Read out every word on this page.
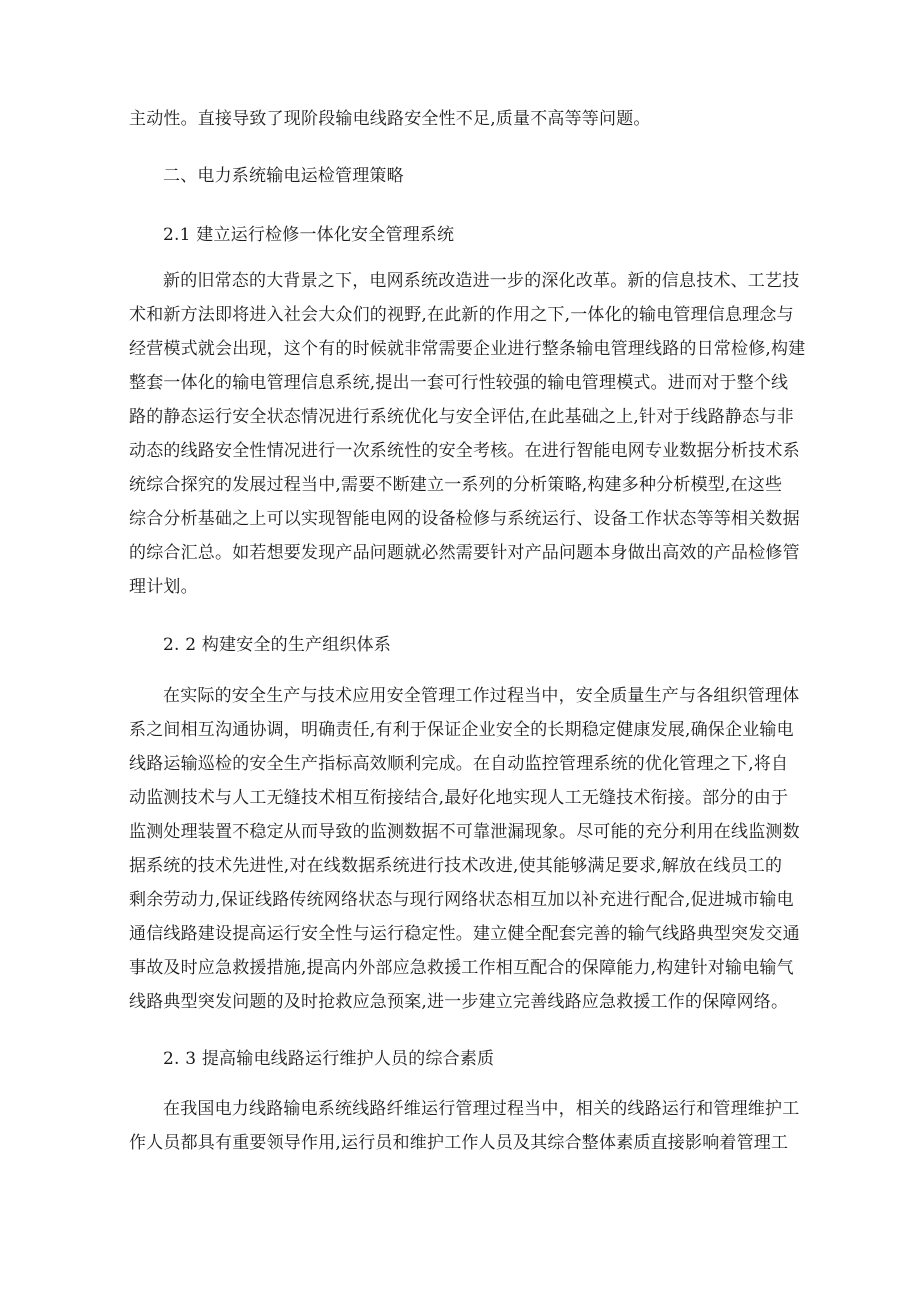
主动性。直接导致了现阶段输电线路安全性不足,质量不高等等问题。
二、电力系统输电运检管理策略
2.1 建立运行检修一体化安全管理系统
新的旧常态的大背景之下，电网系统改造进一步的深化改革。新的信息技术、工艺技
术和新方法即将进入社会大众们的视野,在此新的作用之下,一体化的输电管理信息理念与
经营模式就会出现，这个有的时候就非常需要企业进行整条输电管理线路的日常检修,构建
整套一体化的输电管理信息系统,提出一套可行性较强的输电管理模式。进而对于整个线
路的静态运行安全状态情况进行系统优化与安全评估,在此基础之上,针对于线路静态与非
动态的线路安全性情况进行一次系统性的安全考核。在进行智能电网专业数据分析技术系
统综合探究的发展过程当中,需要不断建立一系列的分析策略,构建多种分析模型,在这些
综合分析基础之上可以实现智能电网的设备检修与系统运行、设备工作状态等等相关数据
的综合汇总。如若想要发现产品问题就必然需要针对产品问题本身做出高效的产品检修管
理计划。
2. 2 构建安全的生产组织体系
在实际的安全生产与技术应用安全管理工作过程当中，安全质量生产与各组织管理体
系之间相互沟通协调，明确责任,有利于保证企业安全的长期稳定健康发展,确保企业输电
线路运输巡检的安全生产指标高效顺利完成。在自动监控管理系统的优化管理之下,将自
动监测技术与人工无缝技术相互衔接结合,最好化地实现人工无缝技术衔接。部分的由于
监测处理装置不稳定从而导致的监测数据不可靠泄漏现象。尽可能的充分利用在线监测数
据系统的技术先进性,对在线数据系统进行技术改进,使其能够满足要求,解放在线员工的
剩余劳动力,保证线路传统网络状态与现行网络状态相互加以补充进行配合,促进城市输电
通信线路建设提高运行安全性与运行稳定性。建立健全配套完善的输气线路典型突发交通
事故及时应急救援措施,提高内外部应急救援工作相互配合的保障能力,构建针对输电输气
线路典型突发问题的及时抢救应急预案,进一步建立完善线路应急救援工作的保障网络。
2. 3 提高输电线路运行维护人员的综合素质
在我国电力线路输电系统线路纤维运行管理过程当中，相关的线路运行和管理维护工
作人员都具有重要领导作用,运行员和维护工作人员及其综合整体素质直接影响着管理工
